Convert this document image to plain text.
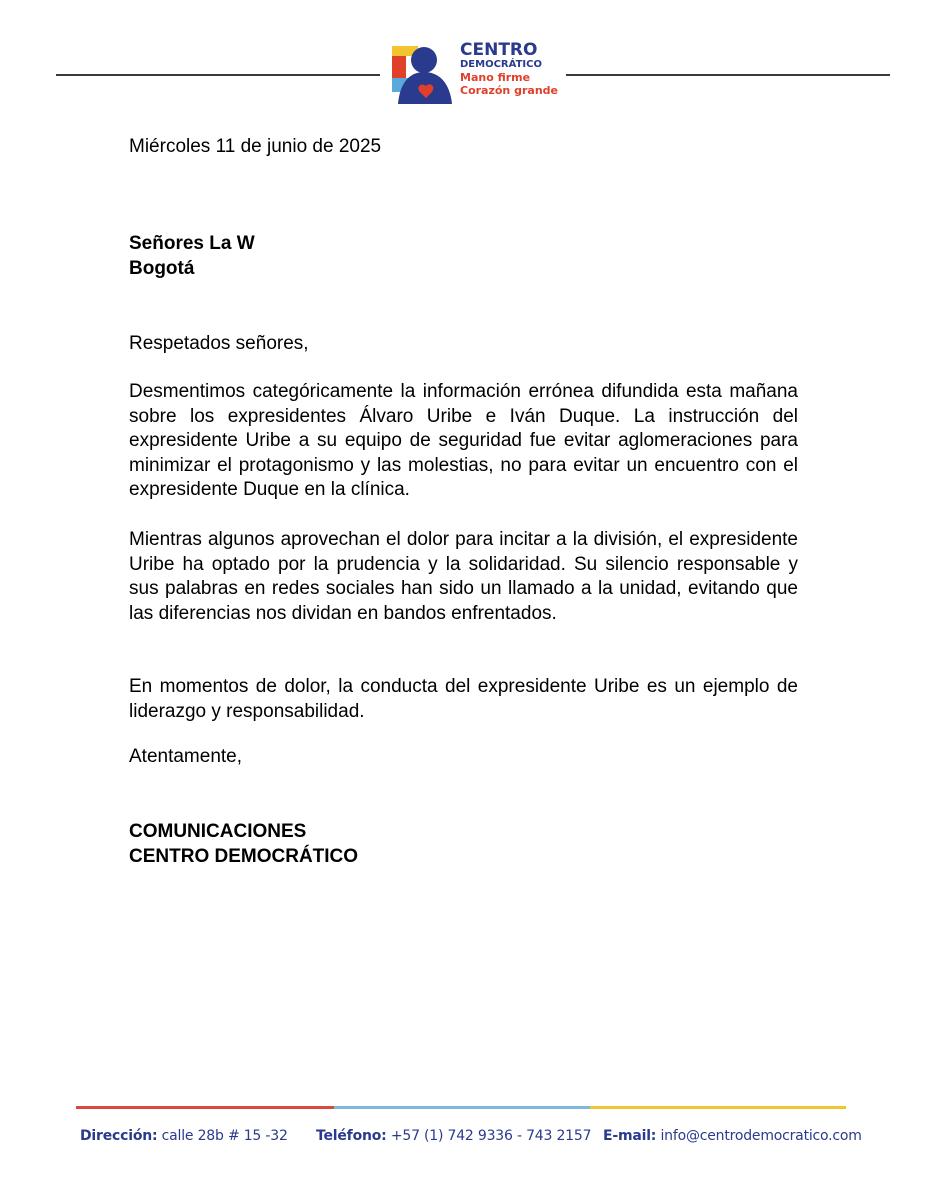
CENTRO
DEMOCRÁTICO
Mano firme
Corazón grande
Miércoles 11 de junio de 2025
Señores La W
Bogotá
Respetados señores,
Desmentimos categóricamente la información errónea difundida esta mañana sobre los expresidentes Álvaro Uribe e Iván Duque. La instrucción del expresidente Uribe a su equipo de seguridad fue evitar aglomeraciones para minimizar el protagonismo y las molestias, no para evitar un encuentro con el expresidente Duque en la clínica.
Mientras algunos aprovechan el dolor para incitar a la división, el expresidente Uribe ha optado por la prudencia y la solidaridad. Su silencio responsable y sus palabras en redes sociales han sido un llamado a la unidad, evitando que las diferencias nos dividan en bandos enfrentados.
En momentos de dolor, la conducta del expresidente Uribe es un ejemplo de liderazgo y responsabilidad.
Atentamente,
COMUNICACIONES
CENTRO DEMOCRÁTICO
Dirección: calle 28b # 15 -32 Teléfono: +57 (1) 742 9336 - 743 2157 E-mail: info@centrodemocratico.com
